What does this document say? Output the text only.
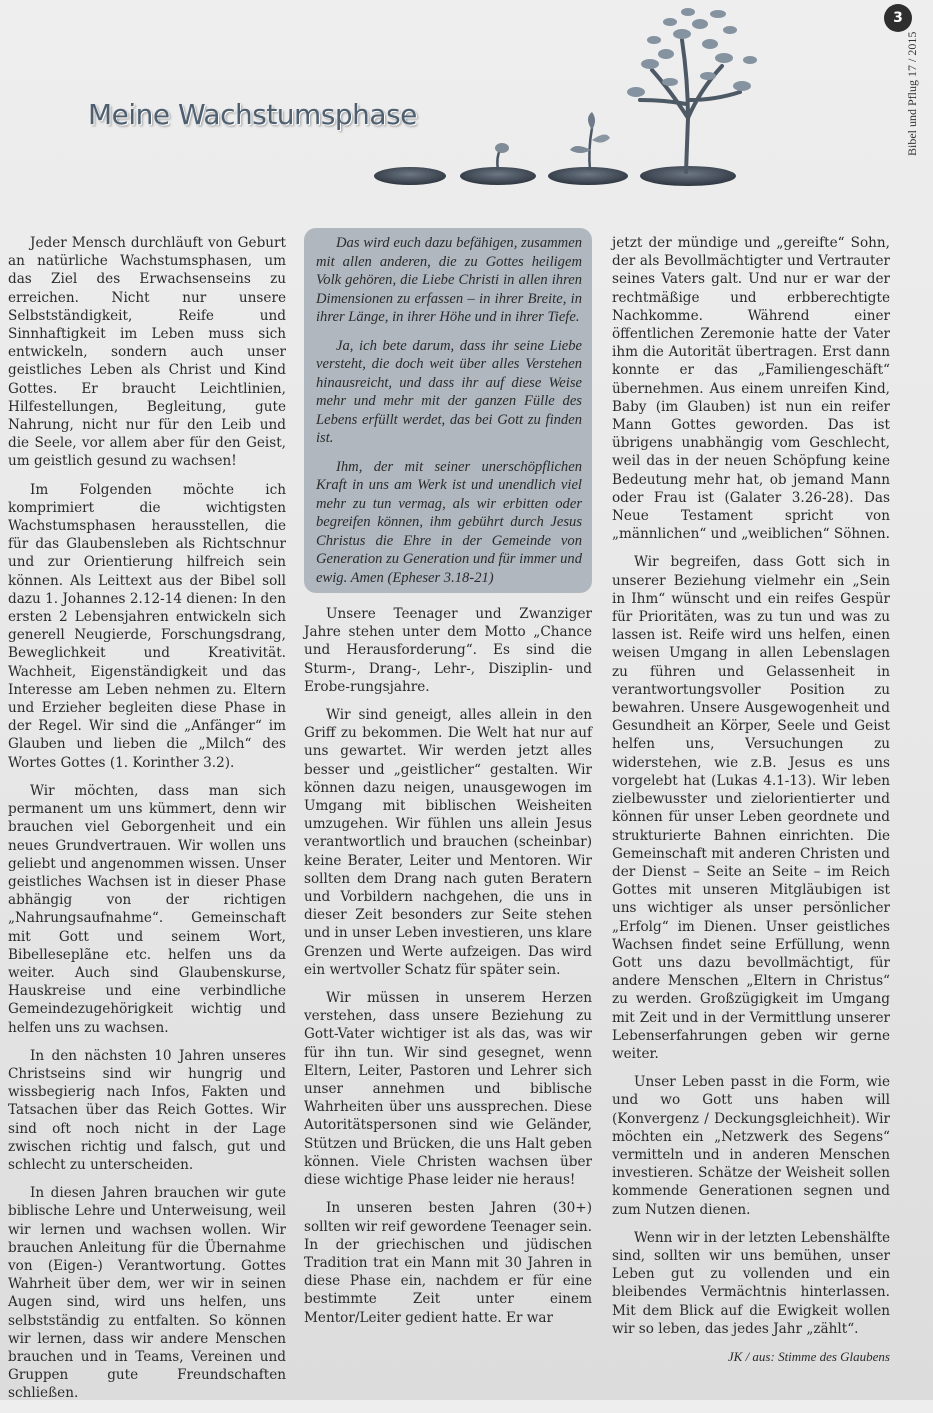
3
Bibel und Pflug 17 / 2015
Meine Wachstumsphase

Jeder Mensch durchläuft von Geburt an natürliche Wachstumsphasen, um das Ziel des Erwachsenseins zu erreichen. Nicht nur unsere Selbstständigkeit, Reife und Sinnhaftigkeit im Leben muss sich entwickeln, sondern auch unser geistliches Leben als Christ und Kind Gottes. Er braucht Leichtlinien, Hilfestellungen, Begleitung, gute Nahrung, nicht nur für den Leib und die Seele, vor allem aber für den Geist, um geistlich gesund zu wachsen!

Im Folgenden möchte ich komprimiert die wichtigsten Wachstumsphasen herausstellen, die für das Glaubensleben als Richtschnur und zur Orientierung hilfreich sein können. Als Leittext aus der Bibel soll dazu 1. Johannes 2.12-14 dienen: In den ersten 2 Lebensjahren entwickeln sich generell Neugierde, Forschungsdrang, Beweglichkeit und Kreativität. Wachheit, Eigenständigkeit und das Interesse am Leben nehmen zu. Eltern und Erzieher begleiten diese Phase in der Regel. Wir sind die „Anfänger“ im Glauben und lieben die „Milch“ des Wortes Gottes (1. Korinther 3.2).

Wir möchten, dass man sich permanent um uns kümmert, denn wir brauchen viel Geborgenheit und ein neues Grundvertrauen. Wir wollen uns geliebt und angenommen wissen. Unser geistliches Wachsen ist in dieser Phase abhängig von der richtigen „Nahrungsaufnahme“. Gemeinschaft mit Gott und seinem Wort, Bibelleseplãne etc. helfen uns da weiter. Auch sind Glaubenskurse, Hauskreise und eine verbindliche Gemeindezugehörigkeit wichtig und helfen uns zu wachsen.

In den nächsten 10 Jahren unseres Christseins sind wir hungrig und wissbegierig nach Infos, Fakten und Tatsachen über das Reich Gottes. Wir sind oft noch nicht in der Lage zwischen richtig und falsch, gut und schlecht zu unterscheiden.

In diesen Jahren brauchen wir gute biblische Lehre und Unterweisung, weil wir lernen und wachsen wollen. Wir brauchen Anleitung für die Übernahme von (Eigen-) Verantwortung. Gottes Wahrheit über dem, wer wir in seinen Augen sind, wird uns helfen, uns selbstständig zu entfalten. So können wir lernen, dass wir andere Menschen brauchen und in Teams, Vereinen und Gruppen gute Freundschaften schließen.

Das wird euch dazu befähigen, zusammen mit allen anderen, die zu Gottes heiligem Volk gehören, die Liebe Christi in allen ihren Dimensionen zu erfassen – in ihrer Breite, in ihrer Länge, in ihrer Höhe und in ihrer Tiefe.

Ja, ich bete darum, dass ihr seine Liebe versteht, die doch weit über alles Verstehen hinausreicht, und dass ihr auf diese Weise mehr und mehr mit der ganzen Fülle des Lebens erfüllt werdet, das bei Gott zu finden ist.

Ihm, der mit seiner unerschöpflichen Kraft in uns am Werk ist und unendlich viel mehr zu tun vermag, als wir erbitten oder begreifen können, ihm gebührt durch Jesus Christus die Ehre in der Gemeinde von Generation zu Generation und für immer und ewig. Amen (Epheser 3.18-21)

Unsere Teenager und Zwanziger Jahre stehen unter dem Motto „Chance und Herausforderung“. Es sind die Sturm-, Drang-, Lehr-, Disziplin- und Erobe-rungsjahre.

Wir sind geneigt, alles allein in den Griff zu bekommen. Die Welt hat nur auf uns gewartet. Wir werden jetzt alles besser und „geistlicher“ gestalten. Wir können dazu neigen, unausgewogen im Umgang mit biblischen Weisheiten umzugehen. Wir fühlen uns allein Jesus verantwortlich und brauchen (scheinbar) keine Berater, Leiter und Mentoren. Wir sollten dem Drang nach guten Beratern und Vorbildern nachgehen, die uns in dieser Zeit besonders zur Seite stehen und in unser Leben investieren, uns klare Grenzen und Werte aufzeigen. Das wird ein wertvoller Schatz für später sein.

Wir müssen in unserem Herzen verstehen, dass unsere Beziehung zu Gott-Vater wichtiger ist als das, was wir für ihn tun. Wir sind gesegnet, wenn Eltern, Leiter, Pastoren und Lehrer sich unser annehmen und biblische Wahrheiten über uns aussprechen. Diese Autoritätspersonen sind wie Geländer, Stützen und Brücken, die uns Halt geben können. Viele Christen wachsen über diese wichtige Phase leider nie heraus!

In unseren besten Jahren (30+) sollten wir reif gewordene Teenager sein. In der griechischen und jüdischen Tradition trat ein Mann mit 30 Jahren in diese Phase ein, nachdem er für eine bestimmte Zeit unter einem Mentor/Leiter gedient hatte. Er war

jetzt der mündige und „gereifte“ Sohn, der als Bevollmächtigter und Vertrauter seines Vaters galt. Und nur er war der rechtmäßige und erbberechtigte Nachkomme. Während einer öffentlichen Zeremonie hatte der Vater ihm die Autorität übertragen. Erst dann konnte er das „Familiengeschäft“ übernehmen. Aus einem unreifen Kind, Baby (im Glauben) ist nun ein reifer Mann Gottes geworden. Das ist übrigens unabhängig vom Geschlecht, weil das in der neuen Schöpfung keine Bedeutung mehr hat, ob jemand Mann oder Frau ist (Galater 3.26-28). Das Neue Testament spricht von „männlichen“ und „weiblichen“ Söhnen.

Wir begreifen, dass Gott sich in unserer Beziehung vielmehr ein „Sein in Ihm“ wünscht und ein reifes Gespür für Prioritäten, was zu tun und was zu lassen ist. Reife wird uns helfen, einen weisen Umgang in allen Lebenslagen zu führen und Gelassenheit in verantwortungsvoller Position zu bewahren. Unsere Ausgewogenheit und Gesundheit an Körper, Seele und Geist helfen uns, Versuchungen zu widerstehen, wie z.B. Jesus es uns vorgelebt hat (Lukas 4.1-13). Wir leben zielbewusster und zielorientierter und können für unser Leben geordnete und strukturierte Bahnen einrichten. Die Gemeinschaft mit anderen Christen und der Dienst – Seite an Seite – im Reich Gottes mit unseren Mitgläubigen ist uns wichtiger als unser persönlicher „Erfolg“ im Dienen. Unser geistliches Wachsen findet seine Erfüllung, wenn Gott uns dazu bevollmächtigt, für andere Menschen „Eltern in Christus“ zu werden. Großzügigkeit im Umgang mit Zeit und in der Vermittlung unserer Lebenserfahrungen geben wir gerne weiter.

Unser Leben passt in die Form, wie und wo Gott uns haben will (Konvergenz / Deckungsgleichheit). Wir möchten ein „Netzwerk des Segens“ vermitteln und in anderen Menschen investieren. Schätze der Weisheit sollen kommende Generationen segnen und zum Nutzen dienen.

Wenn wir in der letzten Lebenshälfte sind, sollten wir uns bemühen, unser Leben gut zu vollenden und ein bleibendes Vermächtnis hinterlassen. Mit dem Blick auf die Ewigkeit wollen wir so leben, das jedes Jahr „zählt“.

JK / aus: Stimme des Glaubens
